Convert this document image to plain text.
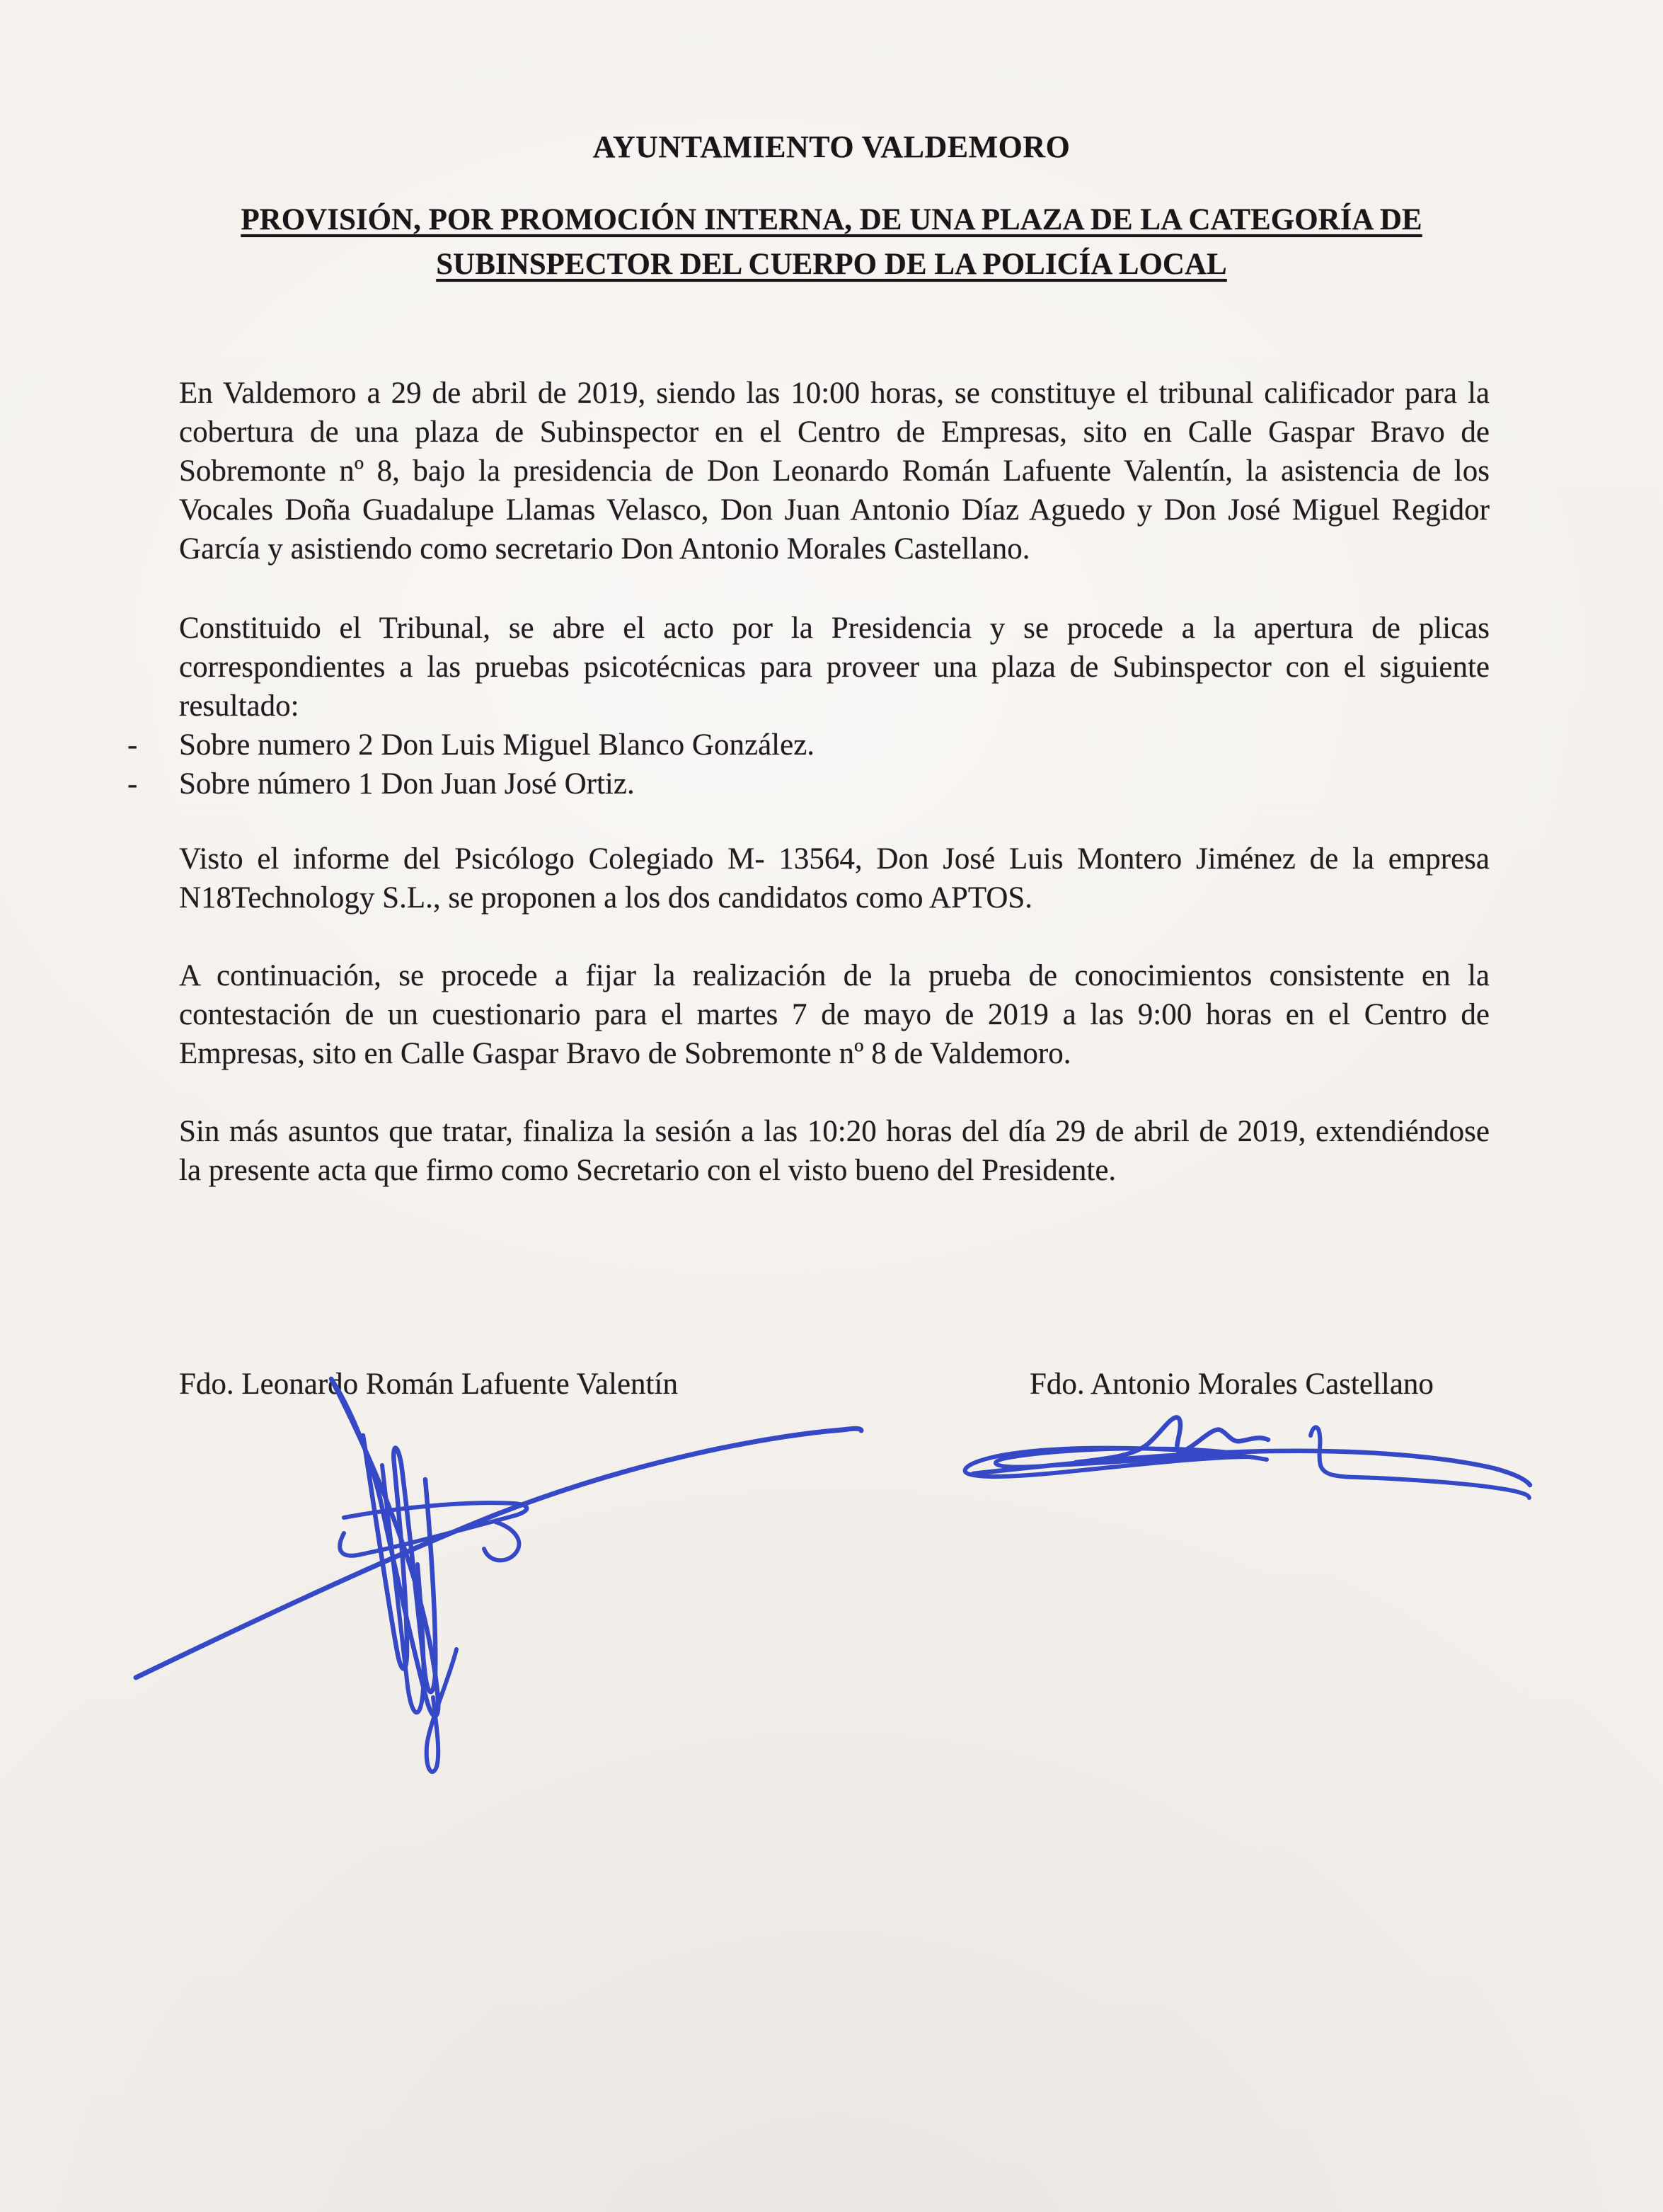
AYUNTAMIENTO VALDEMORO
PROVISIÓN, POR PROMOCIÓN INTERNA, DE UNA PLAZA DE LA CATEGORÍA DE
SUBINSPECTOR DEL CUERPO DE LA POLICÍA LOCAL
En Valdemoro a 29 de abril de 2019, siendo las 10:00 horas, se constituye el tribunal calificador para la
cobertura de una plaza de Subinspector en el Centro de Empresas, sito en Calle Gaspar Bravo de
Sobremonte nº 8, bajo la presidencia de Don Leonardo Román Lafuente Valentín, la asistencia de los
Vocales Doña Guadalupe Llamas Velasco, Don Juan Antonio Díaz Aguedo y Don José Miguel Regidor
García y asistiendo como secretario Don Antonio Morales Castellano.
Constituido el Tribunal, se abre el acto por la Presidencia y se procede a la apertura de plicas
correspondientes a las pruebas psicotécnicas para proveer una plaza de Subinspector con el siguiente
resultado:
- Sobre numero 2 Don Luis Miguel Blanco González.
- Sobre número 1 Don Juan José Ortiz.
Visto el informe del Psicólogo Colegiado M- 13564, Don José Luis Montero Jiménez de la empresa
N18Technology S.L., se proponen a los dos candidatos como APTOS.
A continuación, se procede a fijar la realización de la prueba de conocimientos consistente en la
contestación de un cuestionario para el martes 7 de mayo de 2019 a las 9:00 horas en el Centro de
Empresas, sito en Calle Gaspar Bravo de Sobremonte nº 8 de Valdemoro.
Sin más asuntos que tratar, finaliza la sesión a las 10:20 horas del día 29 de abril de 2019, extendiéndose
la presente acta que firmo como Secretario con el visto bueno del Presidente.
Fdo. Leonardo Román Lafuente Valentín	Fdo. Antonio Morales Castellano
